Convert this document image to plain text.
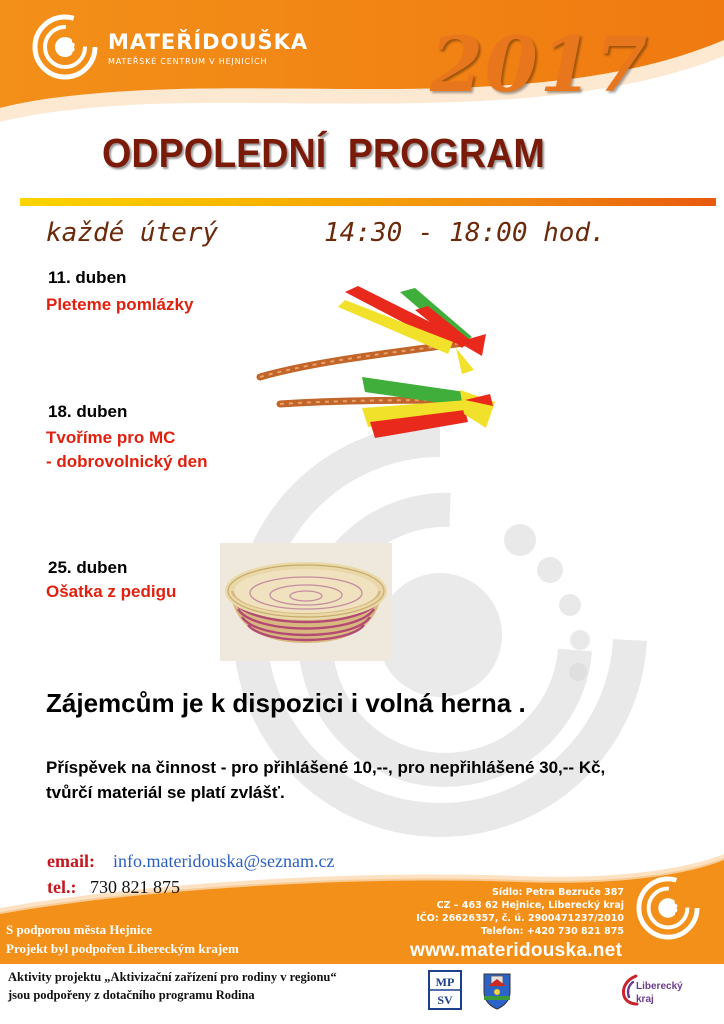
MATEŘÍDOUŠKA
MATEŘSKÉ CENTRUM V HEJNICÍCH 2017
ODPOLEDNÍ PROGRAM
každé úterý	14:30 - 18:00 hod.
11. duben
Pleteme pomlázky
18. duben
Tvoříme pro MC
- dobrovolnický den
25. duben
Ošatka z pedigu
Zájemcům je k dispozici i volná herna .
Příspěvek na činnost - pro přihlášené 10,--, pro nepřihlášené 30,-- Kč,
tvůrčí materiál se platí zvlášť.
email: info.materidouska@seznam.cz
tel.: 730 821 875	Sídlo: Petra Bezruče 387
CZ – 463 62 Hejnice, Liberecký kraj
IČO: 26626357, č. ú. 2900471237/2010
Telefon: +420 730 821 875
S podporou města Hejnice
Projekt byl podpořen Libereckým krajem	www.materidouska.net
Aktivity projektu „Aktivizační zařízení pro rodiny v regionu“
jsou podpořeny z dotačního programu Rodina
MP
SV
Liberecký
kraj
